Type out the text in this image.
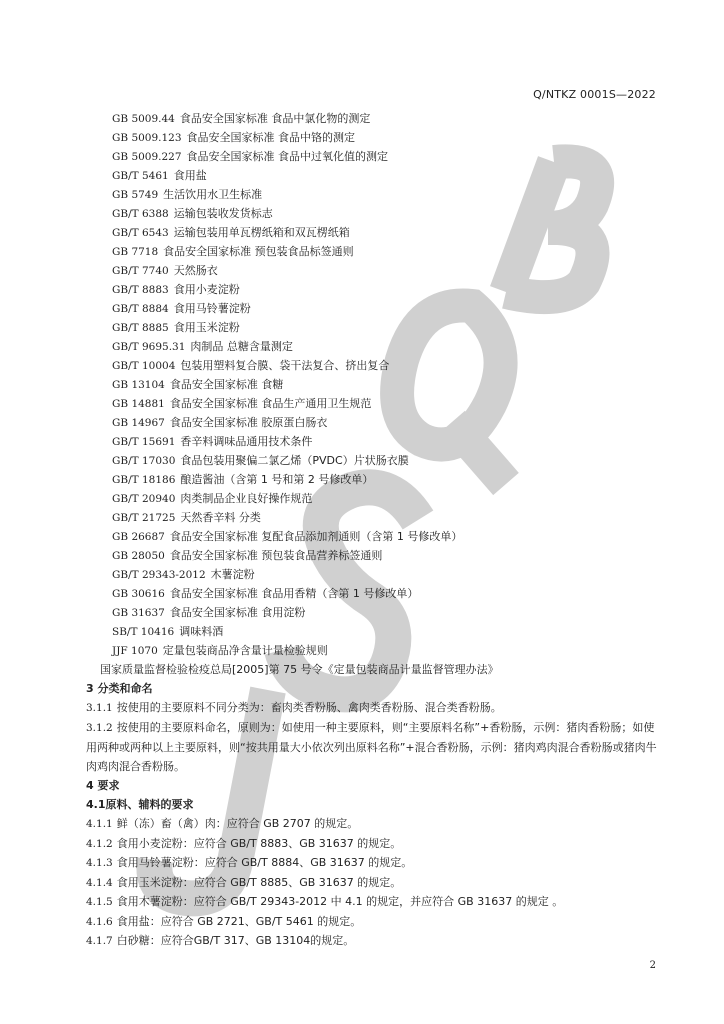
Q/NTKZ 0001S—2022
GB 5009.44 食品安全国家标准 食品中氯化物的测定
GB 5009.123 食品安全国家标准 食品中铬的测定
GB 5009.227 食品安全国家标准 食品中过氧化值的测定
GB/T 5461 食用盐
GB 5749 生活饮用水卫生标准
GB/T 6388 运输包装收发货标志
GB/T 6543 运输包装用单瓦楞纸箱和双瓦楞纸箱
GB 7718 食品安全国家标准 预包装食品标签通则
GB/T 7740 天然肠衣
GB/T 8883 食用小麦淀粉
GB/T 8884 食用马铃薯淀粉
GB/T 8885 食用玉米淀粉
GB/T 9695.31 肉制品 总糖含量测定
GB/T 10004 包装用塑料复合膜、袋干法复合、挤出复合
GB 13104 食品安全国家标准 食糖
GB 14881 食品安全国家标准 食品生产通用卫生规范
GB 14967 食品安全国家标准 胶原蛋白肠衣
GB/T 15691 香辛料调味品通用技术条件
GB/T 17030 食品包装用聚偏二氯乙烯（PVDC）片状肠衣膜
GB/T 18186 酿造酱油（含第 1 号和第 2 号修改单）
GB/T 20940 肉类制品企业良好操作规范
GB/T 21725 天然香辛料 分类
GB 26687 食品安全国家标准 复配食品添加剂通则（含第 1 号修改单）
GB 28050 食品安全国家标准 预包装食品营养标签通则
GB/T 29343-2012 木薯淀粉
GB 30616 食品安全国家标准 食品用香精（含第 1 号修改单）
GB 31637 食品安全国家标准 食用淀粉
SB/T 10416 调味料酒
JJF 1070 定量包装商品净含量计量检验规则
国家质量监督检验检疫总局[2005]第 75 号令《定量包装商品计量监督管理办法》
3 分类和命名
3.1.1 按使用的主要原料不同分类为：畜肉类香粉肠、禽肉类香粉肠、混合类香粉肠。
3.1.2 按使用的主要原料命名，原则为：如使用一种主要原料，则“主要原料名称”+香粉肠，示例：猪肉香粉肠；如使用两种或两种以上主要原料，则“按共用量大小依次列出原料名称”+混合香粉肠，示例：猪肉鸡肉混合香粉肠或猪肉牛肉鸡肉混合香粉肠。
4 要求
4.1原料、辅料的要求
4.1.1 鲜（冻）畜（禽）肉：应符合 GB 2707 的规定。
4.1.2 食用小麦淀粉：应符合 GB/T 8883、GB 31637 的规定。
4.1.3 食用马铃薯淀粉：应符合 GB/T 8884、GB 31637 的规定。
4.1.4 食用玉米淀粉：应符合 GB/T 8885、GB 31637 的规定。
4.1.5 食用木薯淀粉：应符合 GB/T 29343-2012 中 4.1 的规定，并应符合 GB 31637 的规定 。
4.1.6 食用盐：应符合 GB 2721、GB/T 5461 的规定。
4.1.7 白砂糖：应符合GB/T 317、GB 13104的规定。
2
